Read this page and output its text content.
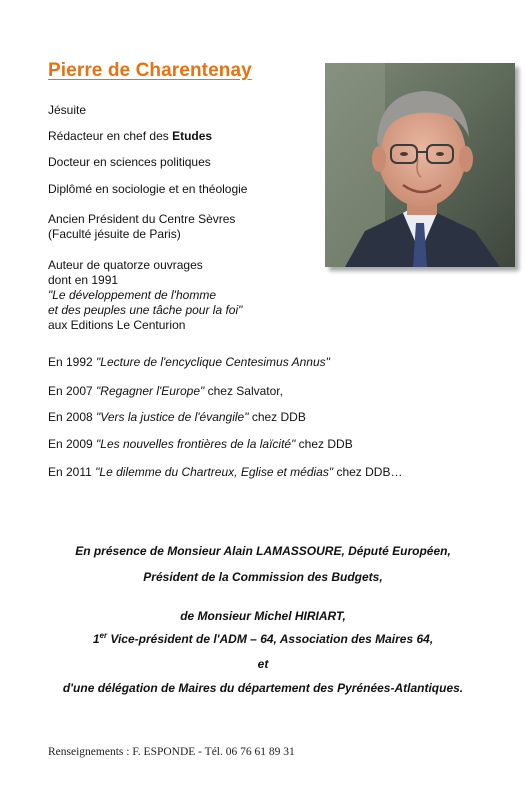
Pierre de Charentenay
Jésuite
Rédacteur en chef des Etudes
Docteur en sciences politiques
Diplômé en sociologie et en théologie
Ancien Président du Centre Sèvres
(Faculté jésuite de Paris)
Auteur de quatorze ouvrages
dont en 1991
"Le développement de l'homme
et des peuples une tâche pour la foi"
aux Editions Le Centurion
En 1992 "Lecture de l'encyclique Centesimus Annus"
En 2007 "Regagner l'Europe" chez Salvator,
En 2008 "Vers la justice de l'évangile" chez DDB
En 2009 "Les nouvelles frontières de la laïcité" chez DDB
En 2011 "Le dilemme du Chartreux, Eglise et médias" chez DDB…
En présence de Monsieur Alain LAMASSOURE, Député Européen,
Président de la Commission des Budgets,
de Monsieur Michel HIRIART,
1er Vice-président de l'ADM – 64, Association des Maires 64,
et
d'une délégation de Maires du département des Pyrénées-Atlantiques.
Renseignements : F. ESPONDE - Tél. 06 76 61 89 31
